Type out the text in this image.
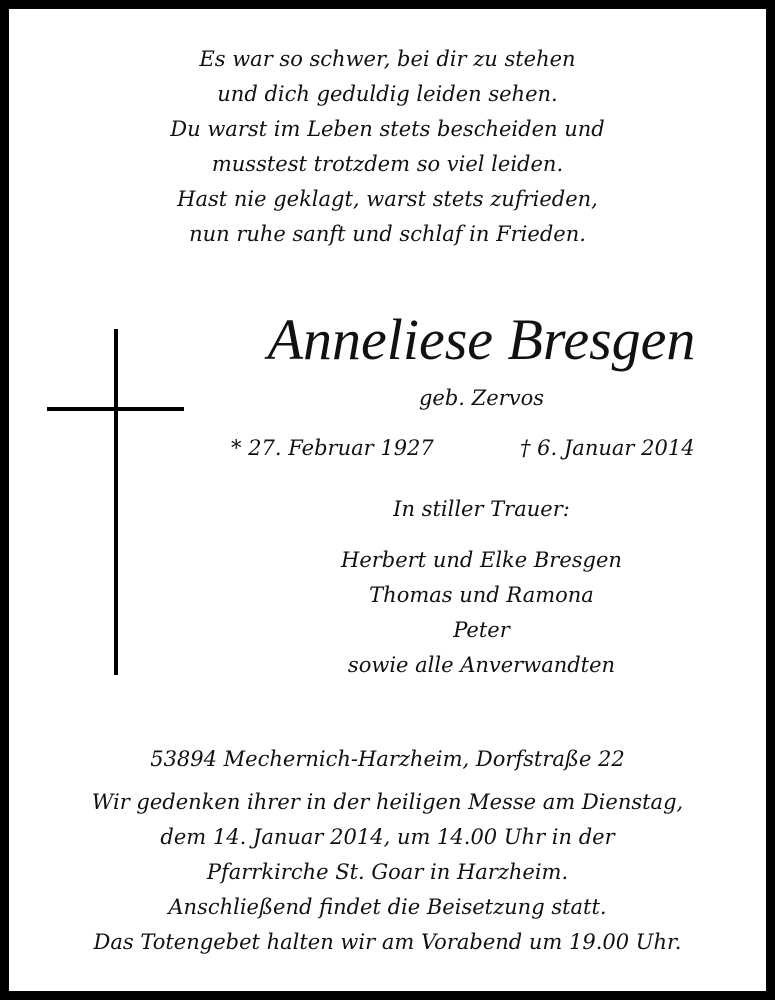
Es war so schwer, bei dir zu stehen
und dich geduldig leiden sehen.
Du warst im Leben stets bescheiden und
musstest trotzdem so viel leiden.
Hast nie geklagt, warst stets zufrieden,
nun ruhe sanft und schlaf in Frieden.
Anneliese Bresgen
geb. Zervos
* 27. Februar 1927	† 6. Januar 2014
In stiller Trauer:
Herbert und Elke Bresgen
Thomas und Ramona
Peter
sowie alle Anverwandten
53894 Mechernich-Harzheim, Dorfstraße 22
Wir gedenken ihrer in der heiligen Messe am Dienstag,
dem 14. Januar 2014, um 14.00 Uhr in der
Pfarrkirche St. Goar in Harzheim.
Anschließend findet die Beisetzung statt.
Das Totengebet halten wir am Vorabend um 19.00 Uhr.
